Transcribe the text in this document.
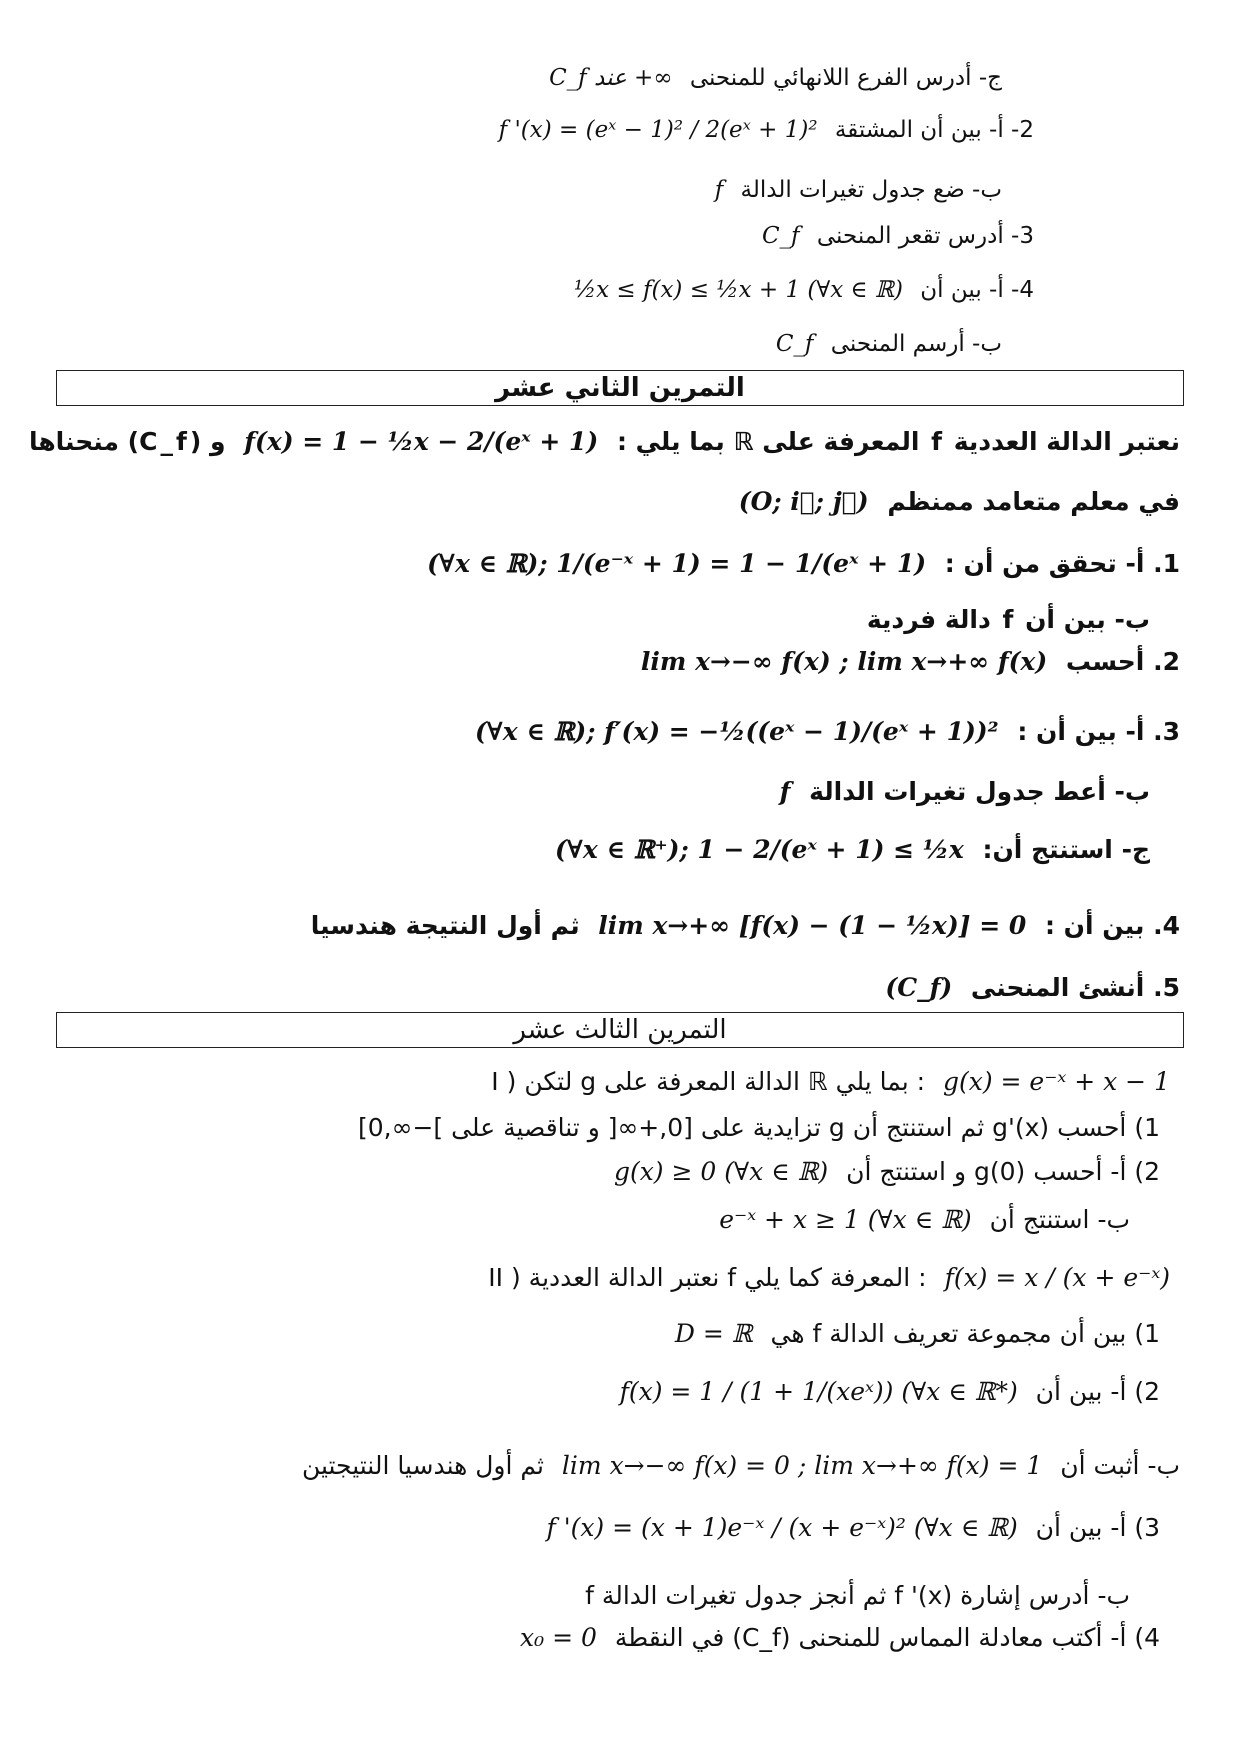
ج- أدرس الفرع اللانهائي للمنحنى C_f عند +∞
2- أ- بين أن المشتقة f '(x) = (eˣ − 1)² / 2(eˣ + 1)²
ب- ضع جدول تغيرات الدالة f
3- أدرس تقعر المنحنى C_f
4- أ- بين أن ½x ≤ f(x) ≤ ½x + 1 (∀x ∈ ℝ)
ب- أرسم المنحنى C_f
التمرين الثاني عشر
نعتبر الدالة العددية f المعرفة على ℝ بما يلي : f(x) = 1 − ½x − 2/(eˣ + 1) و (C_f) منحناها
في معلم متعامد ممنظم (O; i⃗; j⃗)
1. أ- تحقق من أن : (∀x ∈ ℝ); 1/(e⁻ˣ + 1) = 1 − 1/(eˣ + 1)
ب- بين أن f دالة فردية
2. أحسب lim x→−∞ f(x) ; lim x→+∞ f(x)
3. أ- بين أن : (∀x ∈ ℝ); f′(x) = −½((eˣ − 1)/(eˣ + 1))²
ب- أعط جدول تغيرات الدالة f
ج- استنتج أن: (∀x ∈ ℝ⁺); 1 − 2/(eˣ + 1) ≤ ½x
4. بين أن : lim x→+∞ [f(x) − (1 − ½x)] = 0 ثم أول النتيجة هندسيا
5. أنشئ المنحنى (C_f)
التمرين الثالث عشر
I ) لتكن g الدالة المعرفة على ℝ بما يلي : g(x) = e⁻ˣ + x − 1
1) أحسب g'(x) ثم استنتج أن g تزايدية على [0,+∞[ و تناقصية على ]−∞,0]
2) أ- أحسب g(0) و استنتج أن g(x) ≥ 0 (∀x ∈ ℝ)
ب- استنتج أن e⁻ˣ + x ≥ 1 (∀x ∈ ℝ)
II ) نعتبر الدالة العددية f المعرفة كما يلي : f(x) = x / (x + e⁻ˣ)
1) بين أن مجموعة تعريف الدالة f هي D = ℝ
2) أ- بين أن f(x) = 1 / (1 + 1/(xeˣ)) (∀x ∈ ℝ*)
ب- أثبت أن lim x→−∞ f(x) = 0 ; lim x→+∞ f(x) = 1 ثم أول هندسيا النتيجتين
3) أ- بين أن f '(x) = (x + 1)e⁻ˣ / (x + e⁻ˣ)² (∀x ∈ ℝ)
ب- أدرس إشارة f '(x) ثم أنجز جدول تغيرات الدالة f
4) أ- أكتب معادلة المماس للمنحنى (C_f) في النقطة x₀ = 0
